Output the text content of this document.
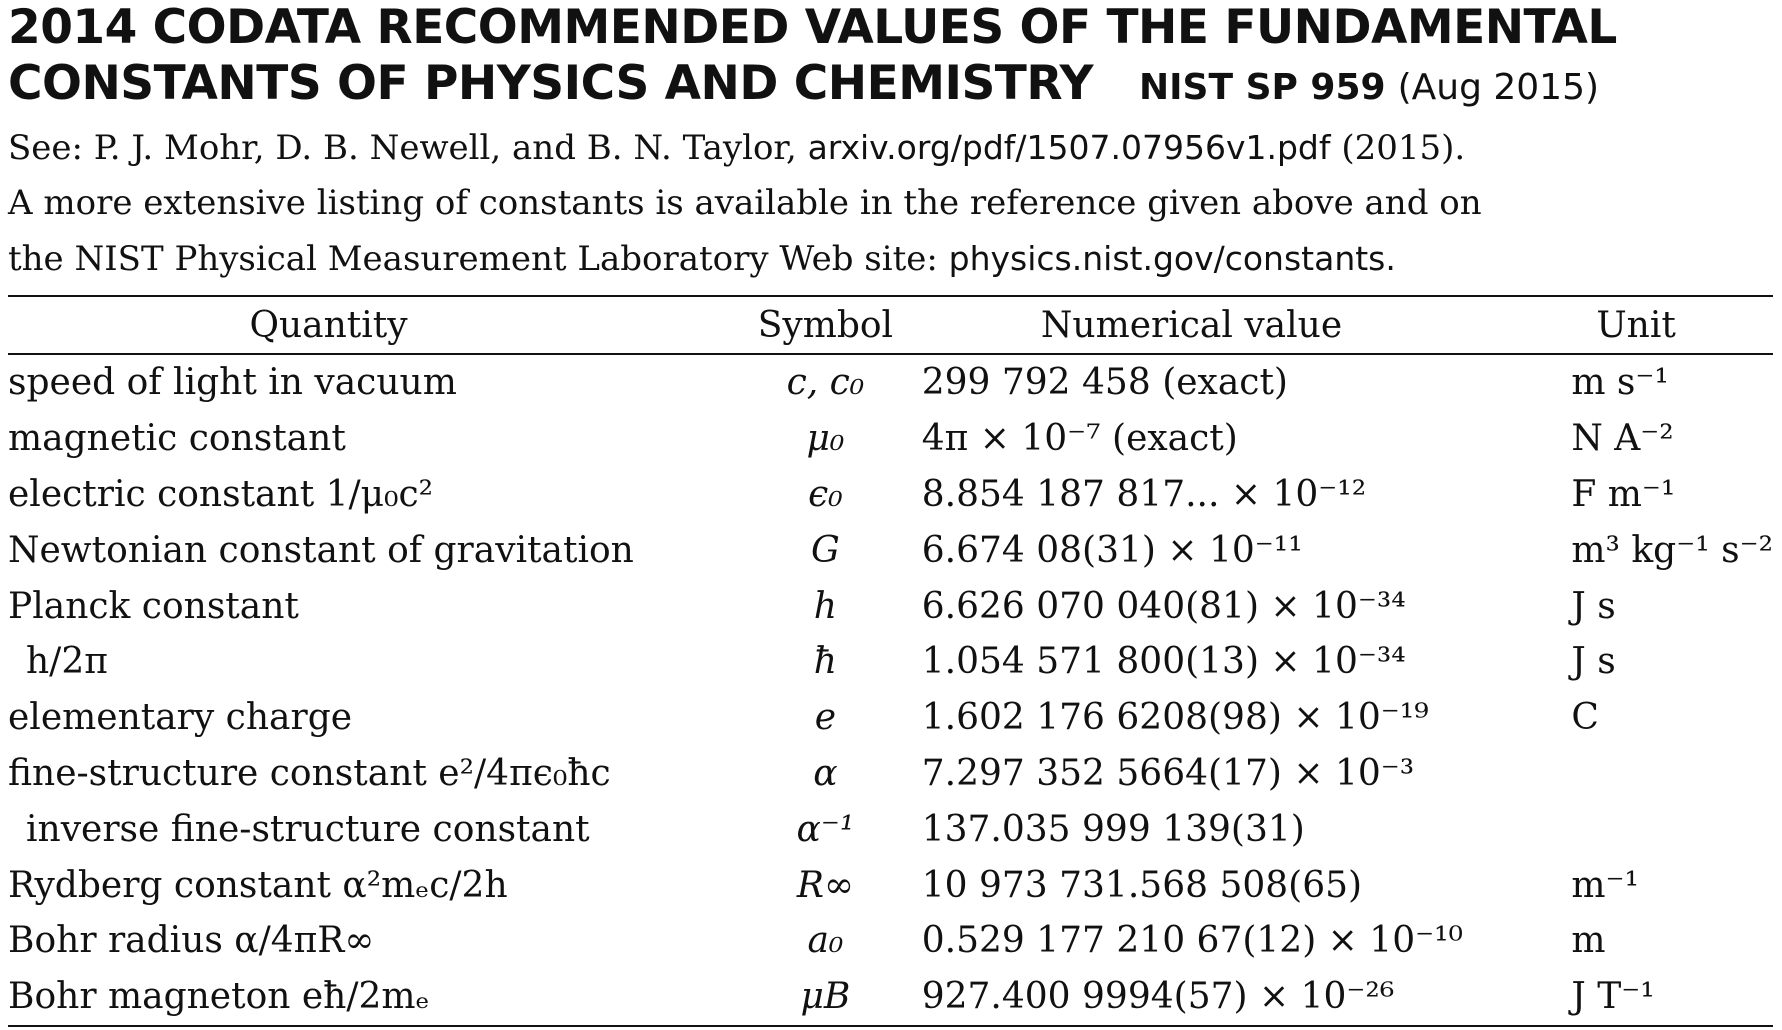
2014 CODATA RECOMMENDED VALUES OF THE FUNDAMENTAL
CONSTANTS OF PHYSICS AND CHEMISTRY NIST SP 959 (Aug 2015)
See: P. J. Mohr, D. B. Newell, and B. N. Taylor, arxiv.org/pdf/1507.07956v1.pdf (2015).
A more extensive listing of constants is available in the reference given above and on
the NIST Physical Measurement Laboratory Web site: physics.nist.gov/constants.
Quantity	Symbol	Numerical value	Unit
speed of light in vacuum	c, c₀	299 792 458 (exact)	m s⁻¹
magnetic constant	μ₀	4π × 10⁻⁷ (exact)	N A⁻²
electric constant 1/μ₀c²	ϵ₀	8.854 187 817... × 10⁻¹²	F m⁻¹
Newtonian constant of gravitation	G	6.674 08(31) × 10⁻¹¹	m³ kg⁻¹ s⁻²
Planck constant	h	6.626 070 040(81) × 10⁻³⁴	J s
h/2π	ħ	1.054 571 800(13) × 10⁻³⁴	J s
elementary charge	e	1.602 176 6208(98) × 10⁻¹⁹	C
fine-structure constant e²/4πϵ₀ħc	α	7.297 352 5664(17) × 10⁻³	
inverse fine-structure constant	α⁻¹	137.035 999 139(31)	
Rydberg constant α²mₑc/2h	R∞	10 973 731.568 508(65)	m⁻¹
Bohr radius α/4πR∞	a₀	0.529 177 210 67(12) × 10⁻¹⁰	m
Bohr magneton eħ/2mₑ	μB	927.400 9994(57) × 10⁻²⁶	J T⁻¹
